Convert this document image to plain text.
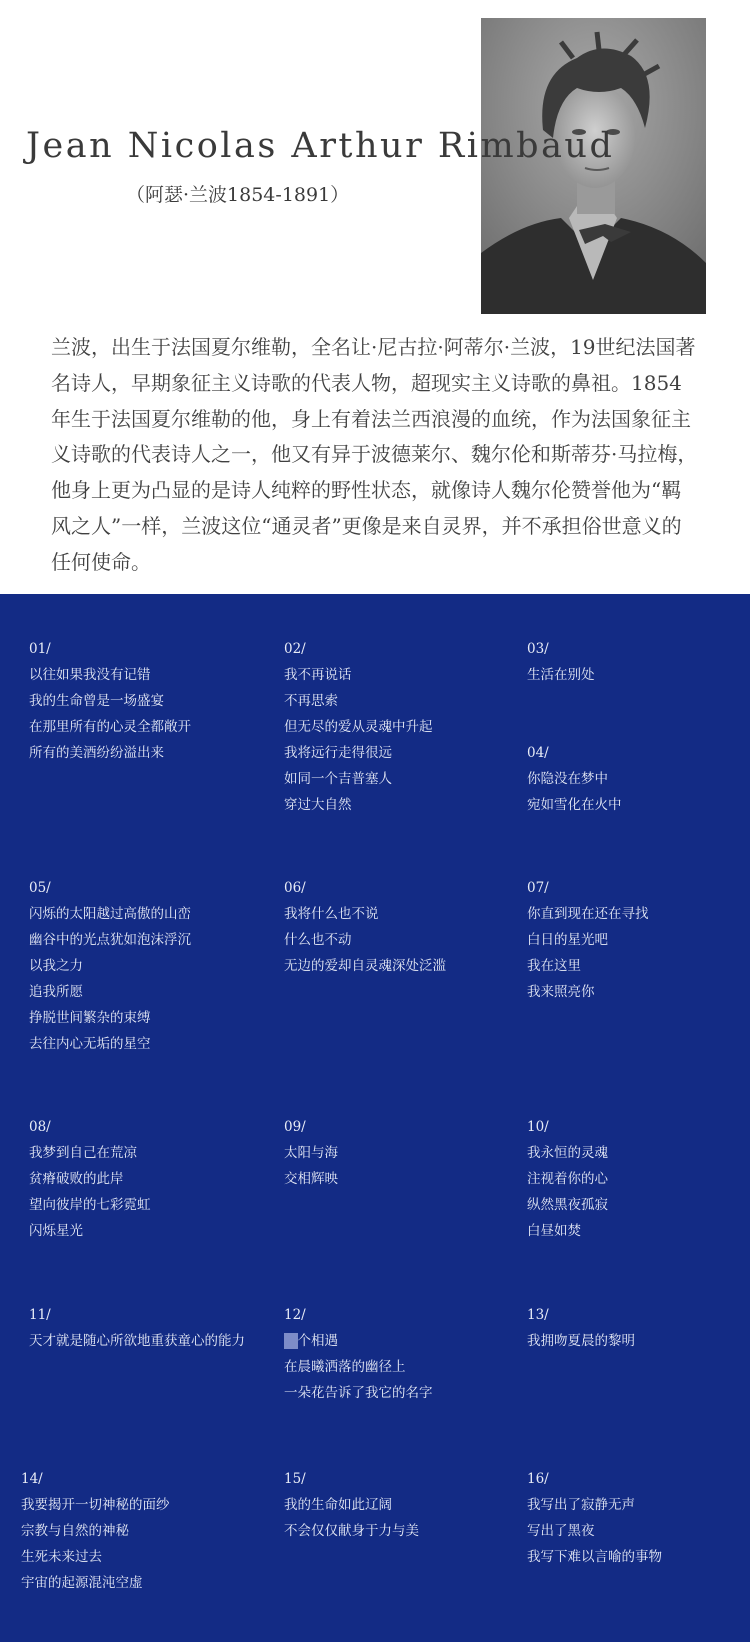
Jean Nicolas Arthur Rimbaud
（阿瑟·兰波1854-1891）

兰波，出生于法国夏尔维勒，全名让·尼古拉·阿蒂尔·兰波，19世纪法国著名诗人，早期象征主义诗歌的代表人物，超现实主义诗歌的鼻祖。1854年生于法国夏尔维勒的他，身上有着法兰西浪漫的血统，作为法国象征主义诗歌的代表诗人之一，他又有异于波德莱尔、魏尔伦和斯蒂芬·马拉梅，他身上更为凸显的是诗人纯粹的野性状态，就像诗人魏尔伦赞誉他为“羁风之人”一样，兰波这位“通灵者”更像是来自灵界，并不承担俗世意义的任何使命。

01/
以往如果我没有记错
我的生命曾是一场盛宴
在那里所有的心灵全都敞开
所有的美酒纷纷溢出来
02/
我不再说话
不再思索
但无尽的爱从灵魂中升起
我将远行走得很远
如同一个吉普塞人
穿过大自然
03/
生活在别处
04/
你隐没在梦中
宛如雪化在火中
05/
闪烁的太阳越过高傲的山峦
幽谷中的光点犹如泡沫浮沉
以我之力
追我所愿
挣脱世间繁杂的束缚
去往内心无垢的星空
06/
我将什么也不说
什么也不动
无边的爱却自灵魂深处泛滥
07/
你直到现在还在寻找
白日的星光吧
我在这里
我来照亮你
08/
我梦到自己在荒凉
贫瘠破败的此岸
望向彼岸的七彩霓虹
闪烁星光
09/
太阳与海
交相辉映
10/
我永恒的灵魂
注视着你的心
纵然黑夜孤寂
白昼如焚
11/
天才就是随心所欲地重获童心的能力
12/
个相遇
在晨曦洒落的幽径上
一朵花告诉了我它的名字
13/
我拥吻夏晨的黎明
14/
我要揭开一切神秘的面纱
宗教与自然的神秘
生死未来过去
宇宙的起源混沌空虚
15/
我的生命如此辽阔
不会仅仅献身于力与美
16/
我写出了寂静无声
写出了黑夜
我写下难以言喻的事物
